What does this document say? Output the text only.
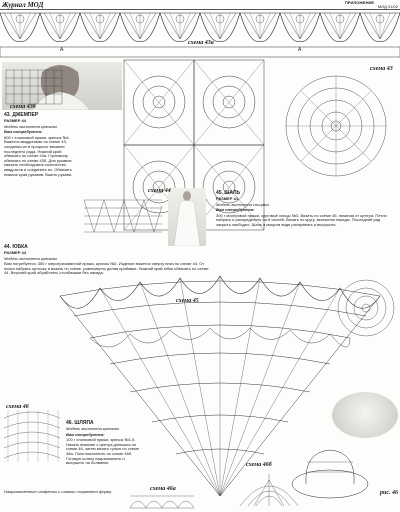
Журнал МОД	ПРИЛОЖЕНИЕ
МОД 01/02
схема 43а
А	А
схема 43б
схема 43

43. ДЖЕМПЕР

РАЗМЕР 44

Модель выполнена крючком

Вам потребуется:

600 г хлопковой пряжи, крючок №1. Вяжется квадратами по схеме 43, соединяя их в процессе вязания последнего ряда. Нижний край обвязать по схеме 43а. Горловину обвязать по схеме 43б. Для рукавов связать необходимое количество квадратов и соединить их. Обвязать нижние края рукавов. Вшить рукава.

схема 44	45. ШАЛЬ

РАЗМЕР 44

Модель выполнена спицами

Вам потребуется:

300 г мохеровой пряжи, круговые спицы №3. Вязать по схеме 45, начиная от центра. Петли набрать и распределить на 8 частей. Вязать по кругу, выполняя накиды. Последний ряд закрыть свободно. Шаль в мокром виде расправить и высушить.

44. ЮБКА

РАЗМЕР 44

Модель выполнена крючком

Вам потребуется: 300 г мерсеризованной пряжи, крючок №2. Изделие вяжется сверху вниз по схеме 44. От пояса набрать цепочку и вязать по схеме, равномерно делая прибавки. Нижний край юбки обвязать по схеме 44. Верхний край обработать столбиками без накида.

схема 45
схема 46
рис. 46

46. ШЛЯПА

Модель выполнена крючком

Вам потребуется:

100 г хлопковой пряжи, крючок №1,5. Начать вязание с центра донышка по схеме 46, затем вязать тулью по схеме 46а. Поля выполнить по схеме 46б. Готовую шляпу накрахмалить и высушить на болванке.

схема 46а
схема 46б
Накрахмаленные салфетки и шляпки сохраняют форму
